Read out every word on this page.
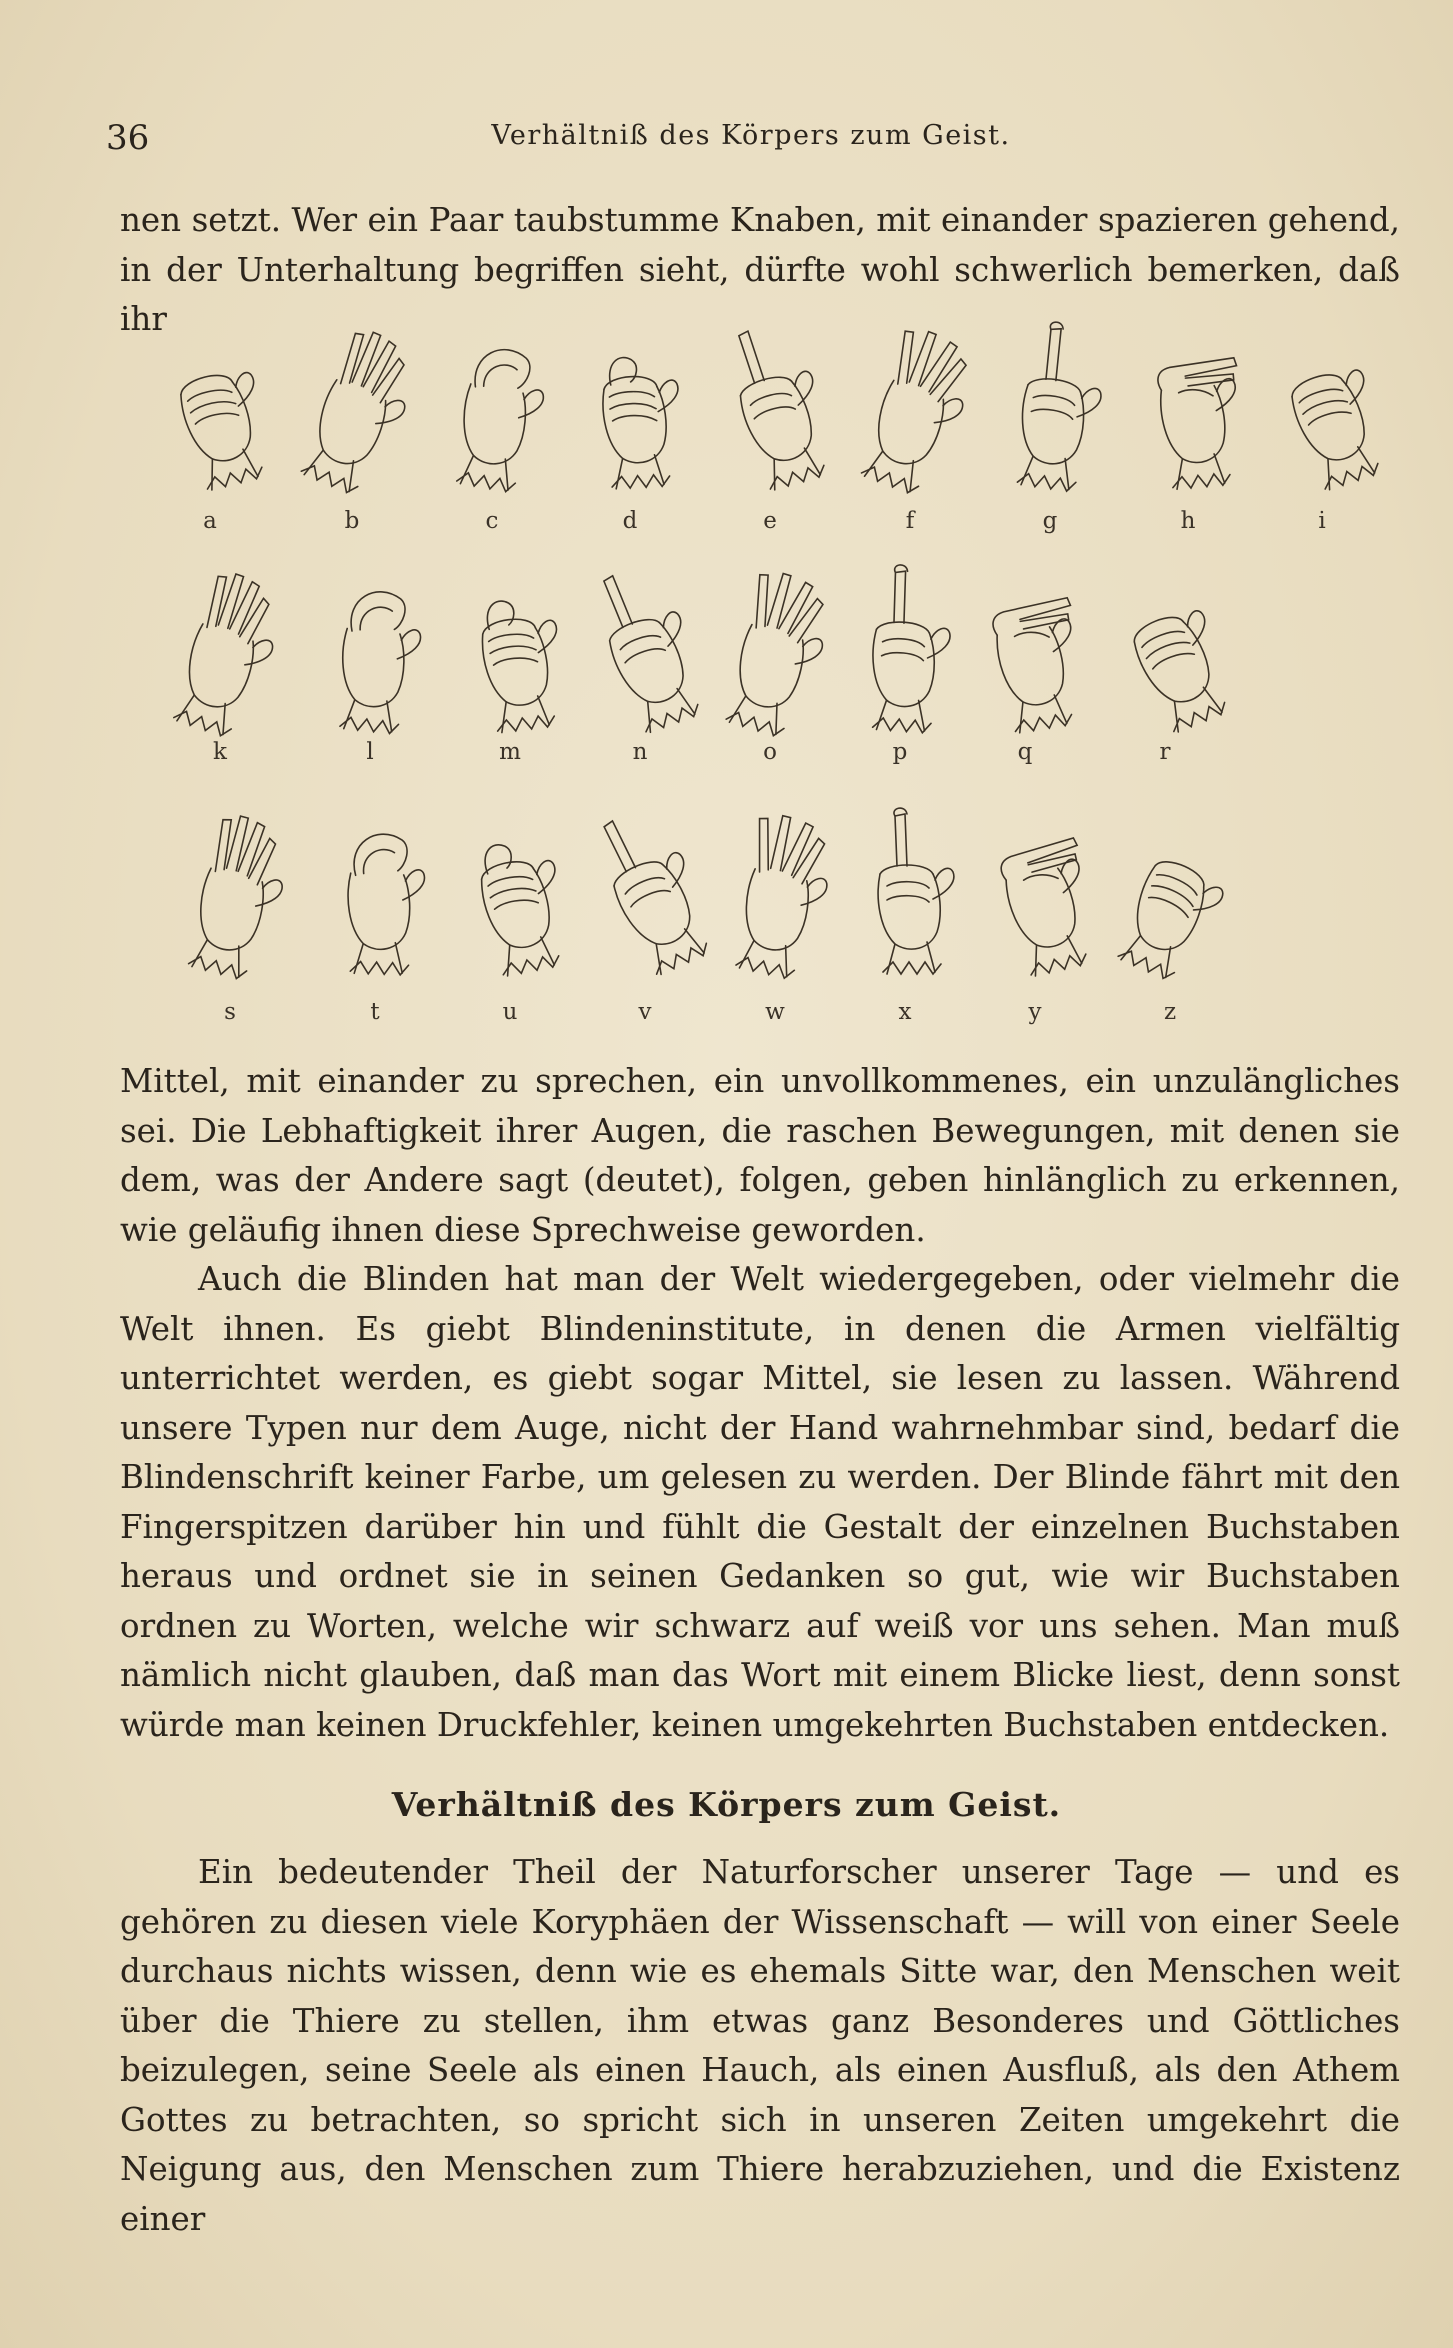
36	Verhältniß des Körpers zum Geist.

nen setzt. Wer ein Paar taubstumme Knaben, mit einander spazieren gehend, in der Unterhaltung begriffen sieht, dürfte wohl schwerlich bemerken, daß ihr

a	b	c	d	e	f	g	h	i
k	l	m	n	o	p	q	r
s	t	u	v	w	x	y	z

Mittel, mit einander zu sprechen, ein unvollkommenes, ein unzulängliches sei. Die Lebhaftigkeit ihrer Augen, die raschen Bewegungen, mit denen sie dem, was der Andere sagt (deutet), folgen, geben hinlänglich zu erkennen, wie geläufig ihnen diese Sprechweise geworden.

Auch die Blinden hat man der Welt wiedergegeben, oder vielmehr die Welt ihnen. Es giebt Blindeninstitute, in denen die Armen vielfältig unterrichtet werden, es giebt sogar Mittel, sie lesen zu lassen. Während unsere Typen nur dem Auge, nicht der Hand wahrnehmbar sind, bedarf die Blindenschrift keiner Farbe, um gelesen zu werden. Der Blinde fährt mit den Fingerspitzen darüber hin und fühlt die Gestalt der einzelnen Buchstaben heraus und ordnet sie in seinen Gedanken so gut, wie wir Buchstaben ordnen zu Worten, welche wir schwarz auf weiß vor uns sehen. Man muß nämlich nicht glauben, daß man das Wort mit einem Blicke liest, denn sonst würde man keinen Druckfehler, keinen umgekehrten Buchstaben entdecken.

Verhältniß des Körpers zum Geist.

Ein bedeutender Theil der Naturforscher unserer Tage — und es gehören zu diesen viele Koryphäen der Wissenschaft — will von einer Seele durchaus nichts wissen, denn wie es ehemals Sitte war, den Menschen weit über die Thiere zu stellen, ihm etwas ganz Besonderes und Göttliches beizulegen, seine Seele als einen Hauch, als einen Ausfluß, als den Athem Gottes zu betrachten, so spricht sich in unseren Zeiten umgekehrt die Neigung aus, den Menschen zum Thiere herabzuziehen, und die Existenz einer
